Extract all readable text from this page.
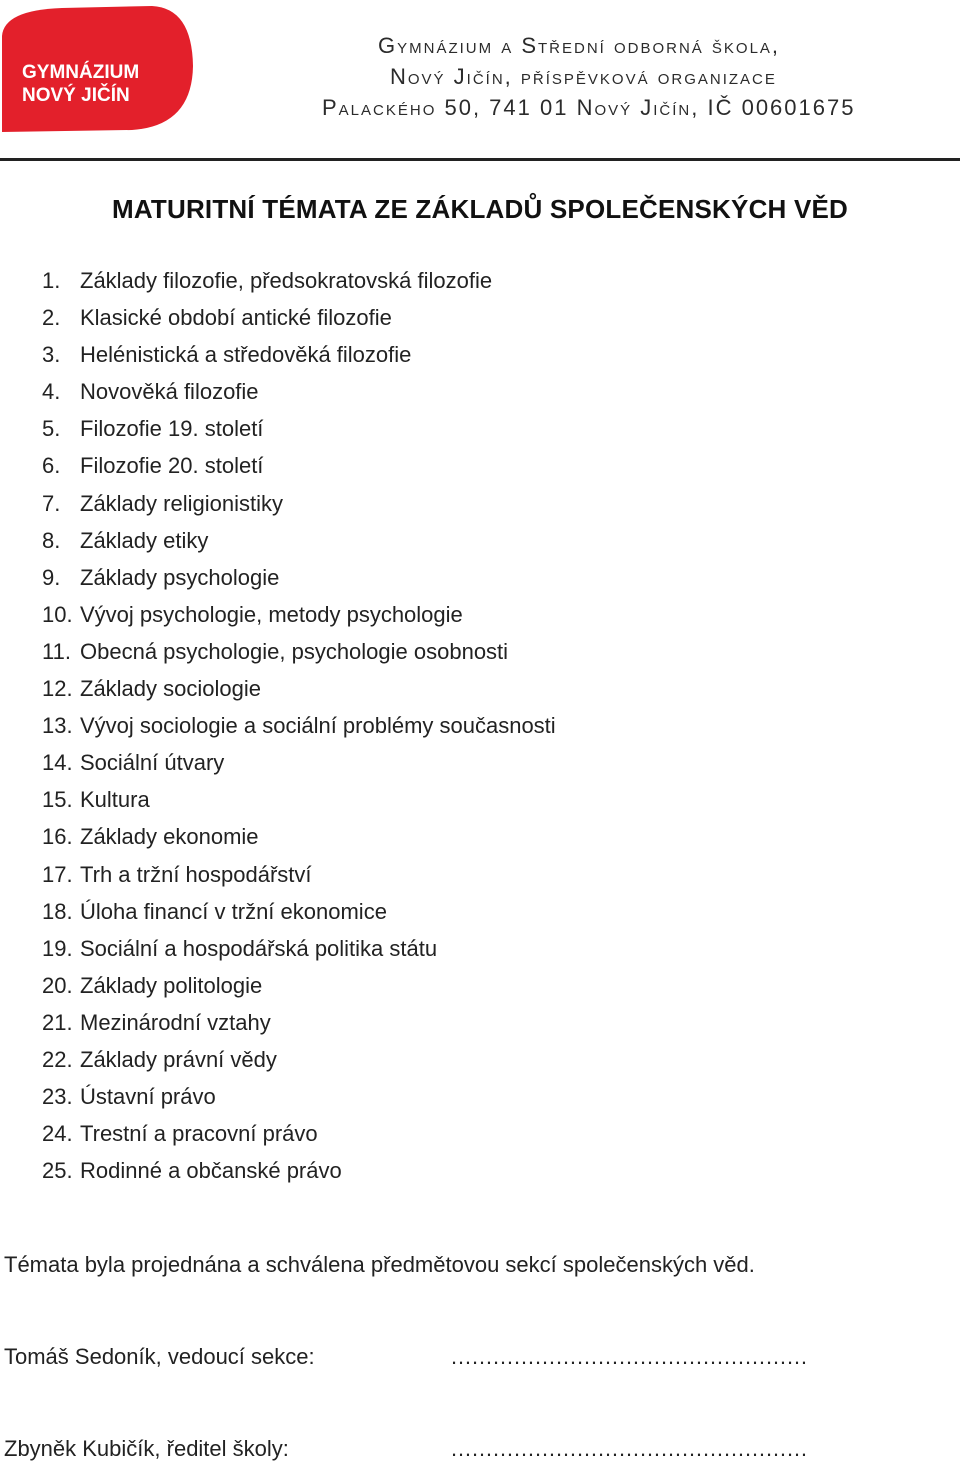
GYMNÁZIUM
NOVÝ JIČÍN
Gymnázium a Střední odborná škola,
Nový Jičín, příspěvková organizace
Palackého 50, 741 01 Nový Jičín, IČ 00601675
MATURITNÍ TÉMATA ZE ZÁKLADŮ SPOLEČENSKÝCH VĚD
1. Základy filozofie, předsokratovská filozofie
2. Klasické období antické filozofie
3. Helénistická a středověká filozofie
4. Novověká filozofie
5. Filozofie 19. století
6. Filozofie 20. století
7. Základy religionistiky
8. Základy etiky
9. Základy psychologie
10. Vývoj psychologie, metody psychologie
11. Obecná psychologie, psychologie osobnosti
12. Základy sociologie
13. Vývoj sociologie a sociální problémy současnosti
14. Sociální útvary
15. Kultura
16. Základy ekonomie
17. Trh a tržní hospodářství
18. Úloha financí v tržní ekonomice
19. Sociální a hospodářská politika státu
20. Základy politologie
21. Mezinárodní vztahy
22. Základy právní vědy
23. Ústavní právo
24. Trestní a pracovní právo
25. Rodinné a občanské právo
Témata byla projednána a schválena předmětovou sekcí společenských věd.
Tomáš Sedoník, vedoucí sekce:	……………………………………………
Zbyněk Kubičík, ředitel školy:	……………………………………………
